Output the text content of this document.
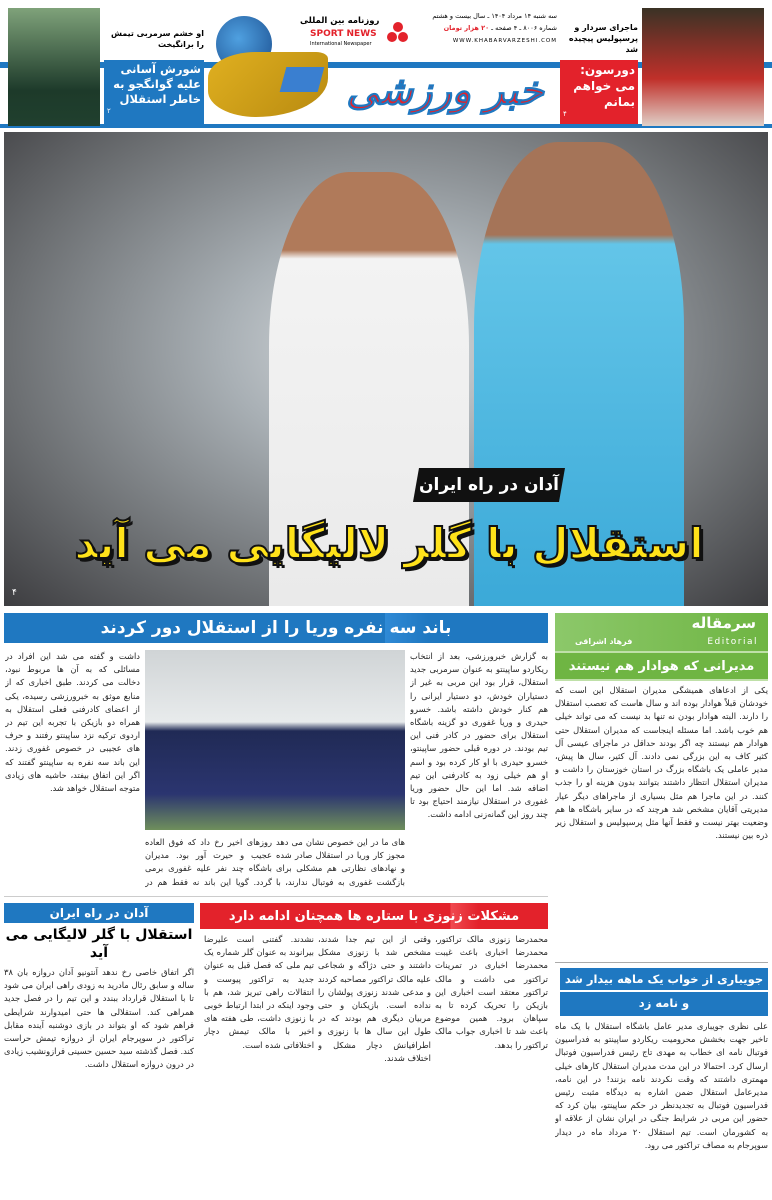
او خشم سرمربی تیمش را برانگیخت
شورش آسانی علیه گوانگجو به خاطر استقلال
۲
روزنامه بین المللی
SPORT NEWS
International Newspaper
خبر ورزشی
سه شنبه ۱۴ مرداد ۱۴۰۴ ـ سال بیست و هشتم
شماره ۸۰۰۶ ـ ۴ صفحه ـ ۲۰ هزار تومان
WWW.KHABARVARZESHI.COM
ماجرای سردار و پرسپولیس پیچیده شد
دورسون: می خواهم بمانم
۴
آدان در راه ایران
استقلال با گلر لالیگایی می آید
۴
باند سه نفره وریا را از استقلال دور کردند
به گزارش خبرورزشی، بعد از انتخاب ریکاردو ساپینتو به عنوان سرمربی جدید استقلال، قرار بود این مربی به غیر از دستیاران خودش، دو دستیار ایرانی را هم کنار خودش داشته باشد. خسرو حیدری و وریا غفوری دو گزینه باشگاه استقلال برای حضور در کادر فنی این تیم بودند. در دوره قبلی حضور ساپینتو، خسرو حیدری با او کار کرده بود و اسم او هم خیلی زود به کادرفنی این تیم اضافه شد. اما این حال حضور وریا غفوری در استقلال نیازمند احتیاج بود تا چند روز این گمانه‌زنی ادامه داشت.
داشت و گفته می شد این افراد در مسائلی که به آن ها مربوط نبود، دخالت می کردند. طبق اخباری که از منابع موثق به خبرورزشی رسیده، یکی از اعضای کادرفنی فعلی استقلال به همراه دو بازیکن با تجربه این تیم در اردوی ترکیه نزد ساپینتو رفتند و حرف های عجیبی در خصوص غفوری زدند. این باند سه نفره به ساپینتو گفتند که اگر این اتفاق بیفتد، حاشیه های زیادی متوجه استقلال خواهد شد.
های ما در این خصوص نشان می دهد مجوز کار وریا در استقلال صادر شده و نهادهای نظارتی هم مشکلی برای بازگشت غفوری به فوتبال ندارند، با
روزهای اخیر رخ داد که فوق العاده عجیب و حیرت آور بود. مدیران باشگاه چند نفر علیه غفوری برمی گردد. گویا این باند نه فقط هم در
مشکلات زنوزی با ستاره ها همچنان ادامه دارد
محمدرضا زنوزی مالک تراکتور، محمدرضا اخباری باعث غیبت محمدرضا اخباری در تمرینات تراکتور می داشت و مالک تراکتور معتقد است اخباری این بازیکن را تحریک کرده تا به سپاهان برود. همین موضوع باعث شد تا اخباری جواب مالک تراکتور را بدهد.
وقتی از این تیم جدا شدند، مشخص شد با زنوزی مشکل داشتند و حتی دژاگه و شجاعی علیه مالک تراکتور مصاحبه کردند و مدعی شدند زنوزی پولشان را نداده است. بازیکنان و حتی مربیان دیگری هم بودند که در طول این سال ها با زنوزی و اطرافیانش دچار مشکل و اختلاف شدند.
نشدند. گفتنی است علیرضا بیرانوند به عنوان گلر شماره یک تیم ملی که فصل قبل به عنوان جدید به تراکتور پیوست و انتقالات راهی تبریز شد، هم با وجود اینکه در ابتدا ارتباط خوبی با زنوزی داشت، طی هفته های اخیر با مالک تیمش دچار اختلافاتی شده است.
آدان در راه ایران
استقلال با گلر لالیگایی می آید
اگر اتفاق خاصی رخ ندهد آنتونیو آدان دروازه بان ۳۸ ساله و سابق رئال مادرید به زودی راهی ایران می شود تا با استقلال قرارداد ببندد و این تیم را در فصل جدید همراهی کند. استقلالی ها حتی امیدوارند شرایطی فراهم شود که او بتواند در بازی دوشنبه آینده مقابل تراکتور در سوپرجام ایران از دروازه تیمش حراست کند. فصل گذشته سید حسین حسینی فرازونشیب زیادی در درون دروازه استقلال داشت.
سرمقاله
Editorial
فرهاد اشراقی
مدیرانی که هوادار هم نیستند
یکی از ادعاهای همیشگی مدیران استقلال این است که خودشان قبلاً هوادار بوده اند و سال هاست که تعصب استقلال را دارند. البته هوادار بودن نه تنها بد نیست که می تواند خیلی هم خوب باشد. اما مسئله اینجاست که مدیران استقلال حتی هوادار هم نیستند چه اگر بودند حداقل در ماجرای عیسی آل کثیر کاف به این بزرگی نمی دادند. آل کثیر، سال ها پیش، مدیر عاملی یک باشگاه بزرگ در استان خوزستان را داشت و مدیران استقلال انتظار داشتند بتوانند بدون هزینه او را جذب کنند. در این ماجرا هم مثل بسیاری از ماجراهای دیگر عیار مدیریتی آقایان مشخص شد هرچند که در سایر باشگاه ها هم وضعیت بهتر نیست و فقط آنها مثل پرسپولیس و استقلال زیر ذره بین نیستند.
جویباری از خواب یک ماهه بیدار شد
و نامه زد
علی نظری جویباری مدیر عامل باشگاه استقلال با یک ماه تاخیر جهت بخشش محرومیت ریکاردو ساپینتو به فدراسیون فوتبال نامه ای خطاب به مهدی تاج رئیس فدراسیون فوتبال ارسال کرد. احتمالا در این مدت مدیران استقلال کارهای خیلی مهمتری داشتند که وقت نکردند نامه بزنند! در این نامه، مدیرعامل استقلال ضمن اشاره به دیدگاه مثبت رئیس فدراسیون فوتبال به تجدیدنظر در حکم ساپینتو، بیان کرد که حضور این مربی در شرایط جنگی در ایران نشان از علاقه او به کشورمان است. تیم استقلال ۲۰ مرداد ماه در دیدار سوپرجام به مصاف تراکتور می رود.
